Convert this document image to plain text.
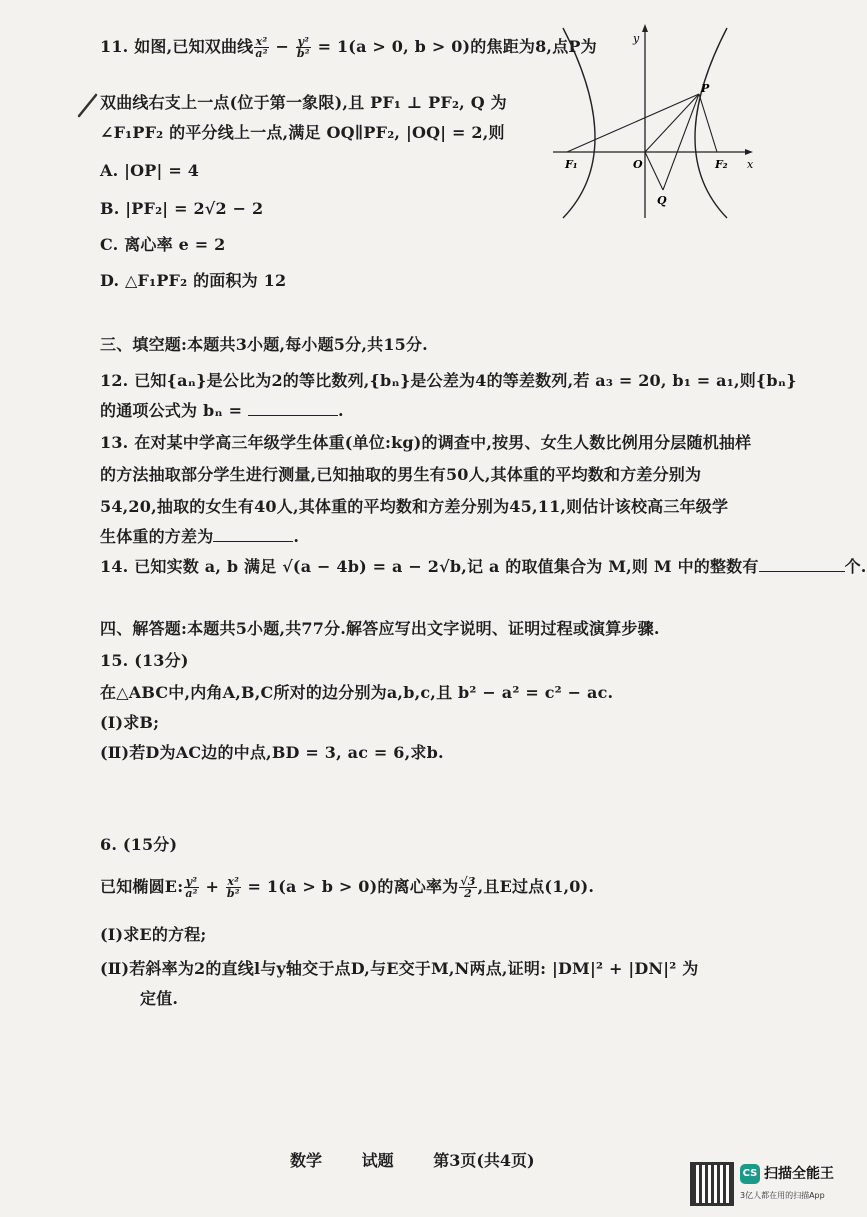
11. 如图,已知双曲线 $\frac{\text{x²}}{\text{a²}} - \frac{\text{y²}}{\text{b²}} = 1(a > 0$, b > 0)的焦距为8,点P为
双曲线右支上一点(位于第一象限),且 PF₁ ⊥ PF₂, Q 为
∠F₁PF₂ 的平分线上一点,满足 OQ∥PF₂, |OQ| = 2,则
A. |OP| = 4
B. |PF₂| = 2√2 − 2
C. 离心率 e = 2
D. △F₁PF₂ 的面积为 12
y
x
P
F₁	O	F₂
Q
三、填空题:本题共3小题,每小题5分,共15分.
12. 已知{aₙ}是公比为2的等比数列,{bₙ}是公差为4的等差数列,若 a₃ = 20, b₁ = a₁,则{bₙ}
的通项公式为 bₙ =	.
13. 在对某中学高三年级学生体重(单位:kg)的调查中,按男、女生人数比例用分层随机抽样
的方法抽取部分学生进行测量,已知抽取的男生有50人,其体重的平均数和方差分别为
54,20,抽取的女生有40人,其体重的平均数和方差分别为45,11,则估计该校高三年级学
生体重的方差为	.
14. 已知实数 a, b 满足 √(a − 4b) = a − 2√b,记 a 的取值集合为 M,则 M 中的整数有	个.
四、解答题:本题共5小题,共77分.解答应写出文字说明、证明过程或演算步骤.
15. (13分)
在△ABC中,内角A,B,C所对的边分别为a,b,c,且 b² − a² = c² − ac.
(Ⅰ)求B;
(Ⅱ)若D为AC边的中点,BD = 3, ac = 6,求b.
6. (15分)
已知椭圆E: $\frac{\text{y²}}{\text{a²}} + \frac{\text{x²}}{\text{b²}} = 1(a > b > 0)$的离心率为 $\frac{√3}{2}$ ,且E过点(1,0).
(Ⅰ)求E的方程;
(Ⅱ)若斜率为2的直线l与y轴交于点D,与E交于M,N两点,证明: |DM|² + |DN|² 为
定值.
数学 试题 第3页(共4页)
CS 扫描全能王
3亿人都在用的扫描App
